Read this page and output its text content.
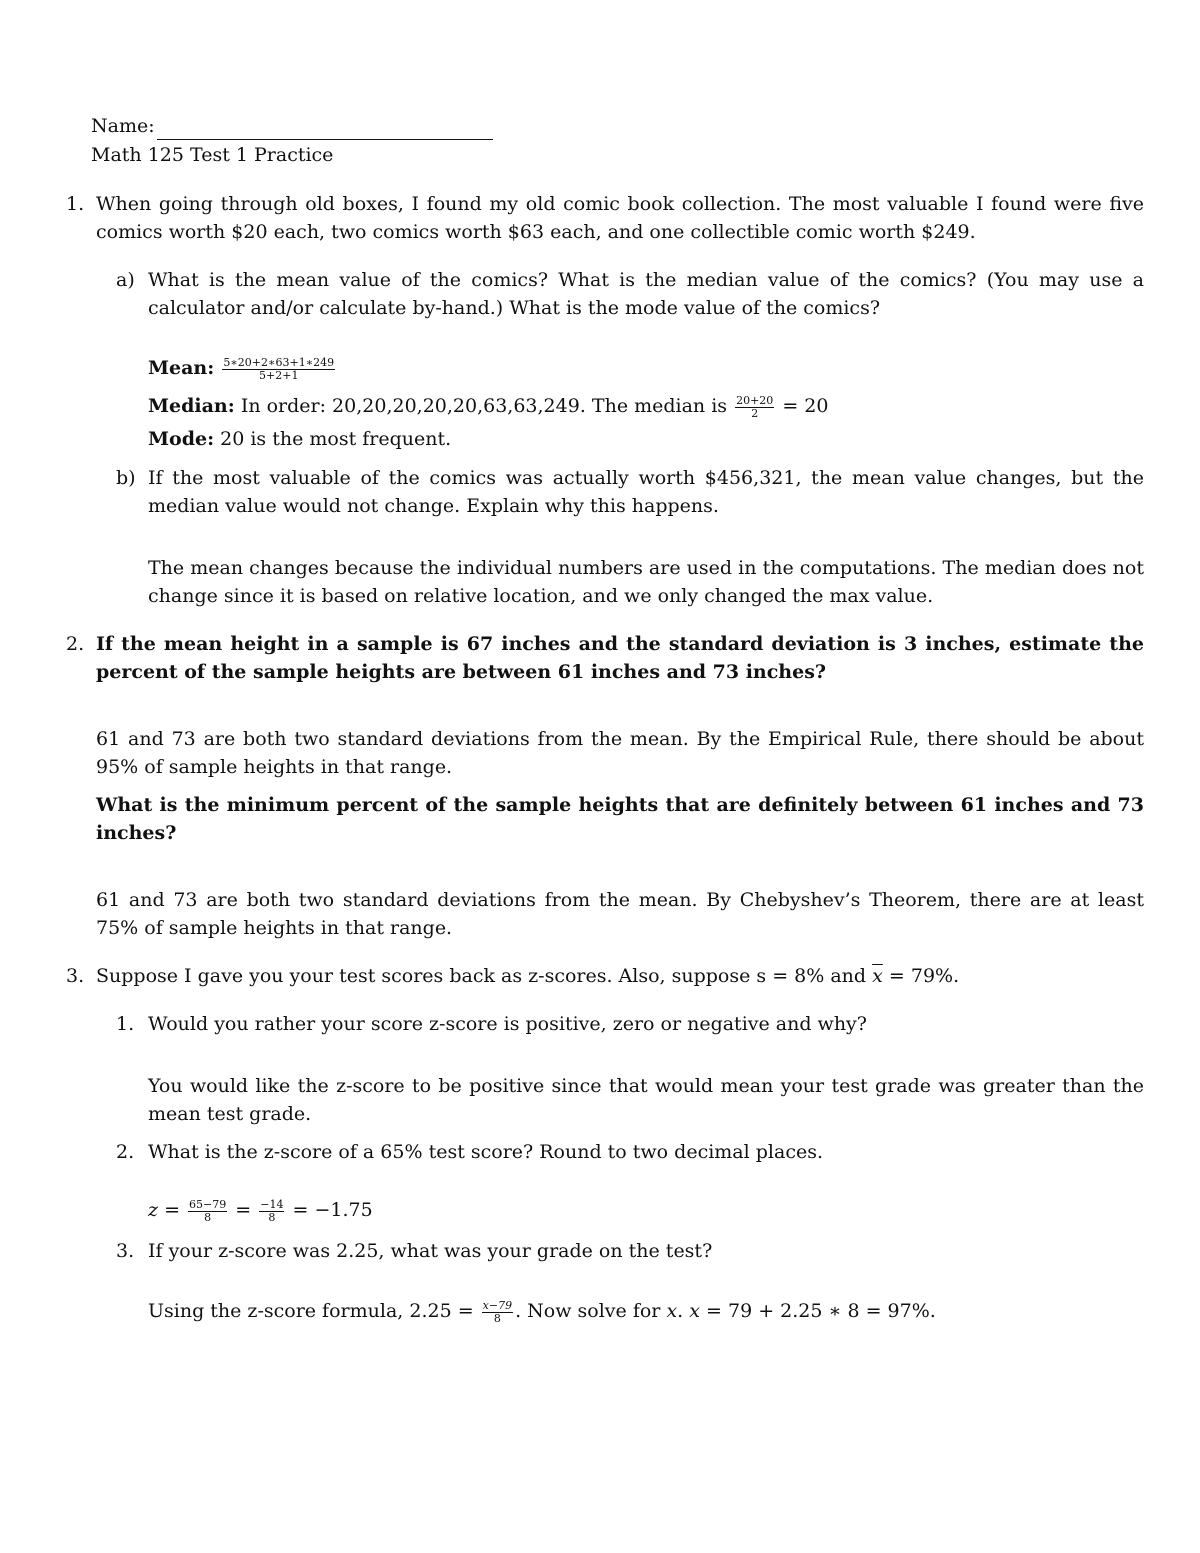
Name:
Math 125 Test 1 Practice
1. When going through old boxes, I found my old comic book collection. The most valuable I found were five comics worth $20 each, two comics worth $63 each, and one collectible comic worth $249.
a) What is the mean value of the comics? What is the median value of the comics? (You may use a calculator and/or calculate by-hand.) What is the mode value of the comics?
Mean: $\frac{5∗20+2∗63+1∗249}{5+2+1}$
Median: In order: 20,20,20,20,20,63,63,249. The median is $\frac{20+20}{2} = 20$
Mode: 20 is the most frequent.
b) If the most valuable of the comics was actually worth $456,321, the mean value changes, but the median value would not change. Explain why this happens.
The mean changes because the individual numbers are used in the computations. The median does not change since it is based on relative location, and we only changed the max value.
2. If the mean height in a sample is 67 inches and the standard deviation is 3 inches, estimate the percent of the sample heights are between 61 inches and 73 inches?
61 and 73 are both two standard deviations from the mean. By the Empirical Rule, there should be about 95% of sample heights in that range.
What is the minimum percent of the sample heights that are definitely between 61 inches and 73 inches?
61 and 73 are both two standard deviations from the mean. By Chebyshev’s Theorem, there are at least 75% of sample heights in that range.
3. Suppose I gave you your test scores back as z-scores. Also, suppose s = 8% and $\overline{x} = 79\%$.
1. Would you rather your score z-score is positive, zero or negative and why?
You would like the z-score to be positive since that would mean your test grade was greater than the mean test grade.
2. What is the z-score of a 65% test score? Round to two decimal places.
$z = \frac{65-79}{8} = \frac{-14}{8} = -1.75$
3. If your z-score was 2.25, what was your grade on the test?
Using the z-score formula, $2.25 = \frac{x-79}{8}$ . Now solve for x. x = 79 + 2.25 ∗ 8 = 97%.
